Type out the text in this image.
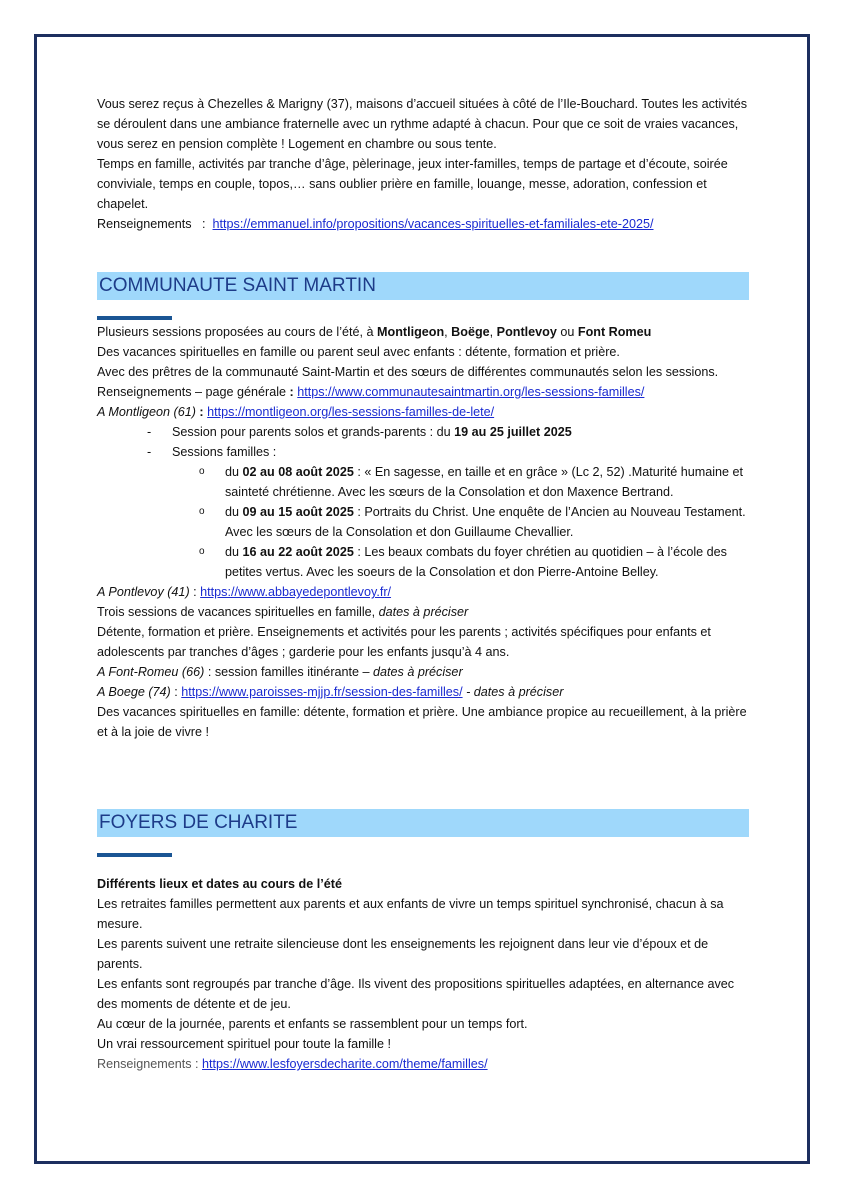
Vous serez reçus à Chezelles & Marigny (37), maisons d’accueil situées à côté de l’Ile-Bouchard. Toutes les activités se déroulent dans une ambiance fraternelle avec un rythme adapté à chacun. Pour que ce soit de vraies vacances, vous serez en pension complète ! Logement en chambre ou sous tente.

Temps en famille, activités par tranche d’âge, pèlerinage, jeux inter-familles, temps de partage et d’écoute, soirée conviviale, temps en couple, topos,… sans oublier prière en famille, louange, messe, adoration, confession et chapelet.

Renseignements   :  https://emmanuel.info/propositions/vacances-spirituelles-et-familiales-ete-2025/

COMMUNAUTE SAINT MARTIN

Plusieurs sessions proposées au cours de l’été, à Montligeon, Boëge, Pontlevoy ou Font Romeu

Des vacances spirituelles en famille ou parent seul avec enfants : détente, formation et prière.

Avec des prêtres de la communauté Saint-Martin et des sœurs de différentes communautés selon les sessions.

Renseignements – page générale : https://www.communautesaintmartin.org/les-sessions-familles/

A Montligeon (61) : https://montligeon.org/les-sessions-familles-de-lete/

- Session pour parents solos et grands-parents : du 19 au 25 juillet 2025
- Sessions familles :
o du 02 au 08 août 2025 : « En sagesse, en taille et en grâce » (Lc 2, 52) .Maturité humaine et sainteté chrétienne. Avec les sœurs de la Consolation et don Maxence Bertrand.
o du 09 au 15 août 2025 : Portraits du Christ. Une enquête de l’Ancien au Nouveau Testament. Avec les sœurs de la Consolation et don Guillaume Chevallier.
o du 16 au 22 août 2025 : Les beaux combats du foyer chrétien au quotidien – à l’école des petites vertus. Avec les soeurs de la Consolation et don Pierre-Antoine Belley.

A Pontlevoy (41) : https://www.abbayedepontlevoy.fr/

Trois sessions de vacances spirituelles en famille, dates à préciser

Détente, formation et prière. Enseignements et activités pour les parents ; activités spécifiques pour enfants et adolescents par tranches d’âges ; garderie pour les enfants jusqu’à 4 ans.

A Font-Romeu (66) : session familles itinérante – dates à préciser

A Boege (74) : https://www.paroisses-mjjp.fr/session-des-familles/ - dates à préciser

Des vacances spirituelles en famille: détente, formation et prière. Une ambiance propice au recueillement, à la prière et à la joie de vivre !

FOYERS DE CHARITE

Différents lieux et dates au cours de l’été

Les retraites familles permettent aux parents et aux enfants de vivre un temps spirituel synchronisé, chacun à sa mesure.

Les parents suivent une retraite silencieuse dont les enseignements les rejoignent dans leur vie d’époux et de parents.

Les enfants sont regroupés par tranche d’âge. Ils vivent des propositions spirituelles adaptées, en alternance avec des moments de détente et de jeu.

Au cœur de la journée, parents et enfants se rassemblent pour un temps fort.

Un vrai ressourcement spirituel pour toute la famille !

Renseignements : https://www.lesfoyersdecharite.com/theme/familles/
